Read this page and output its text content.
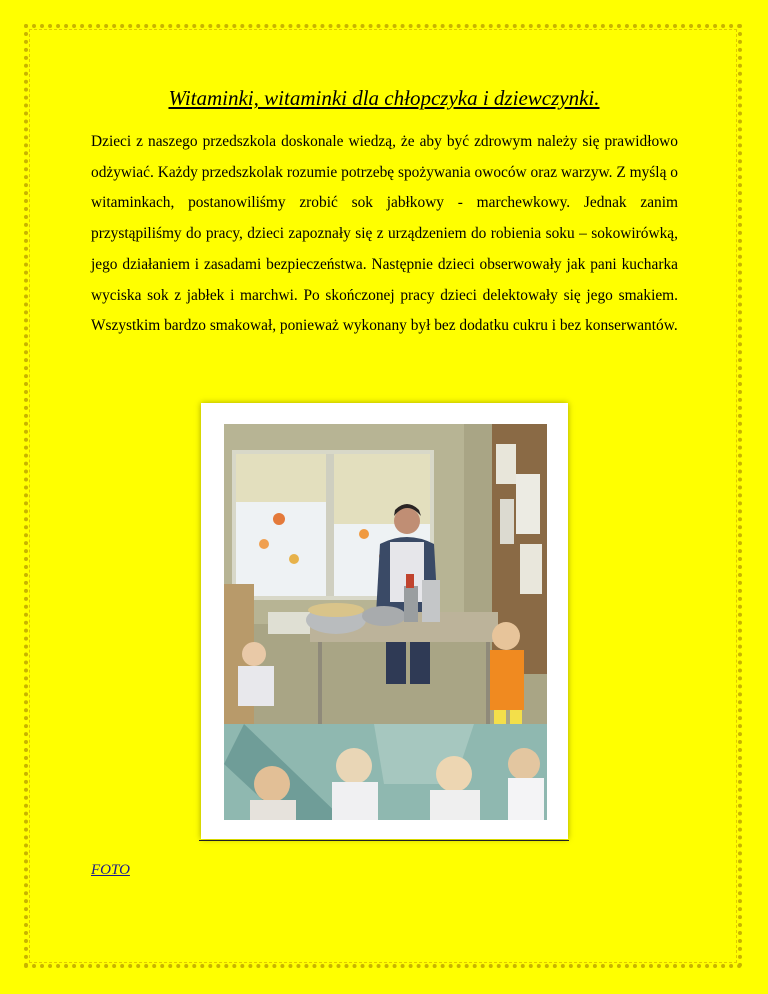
Witaminki, witaminki dla chłopczyka i dziewczynki.

Dzieci z naszego przedszkola doskonale wiedzą, że aby być zdrowym należy się prawidłowo odżywiać. Każdy przedszkolak rozumie potrzebę spożywania owoców oraz warzyw. Z myślą o witaminkach, postanowiliśmy zrobić sok jabłkowy - marchewkowy. Jednak zanim przystąpiliśmy do pracy, dzieci zapoznały się z urządzeniem do robienia soku – sokowirówką, jego działaniem i zasadami bezpieczeństwa. Następnie dzieci obserwowały jak pani kucharka wyciska sok z jabłek i marchwi. Po skończonej pracy dzieci delektowały się jego smakiem. Wszystkim bardzo smakował, ponieważ wykonany był bez dodatku cukru i bez konserwantów.

FOTO
